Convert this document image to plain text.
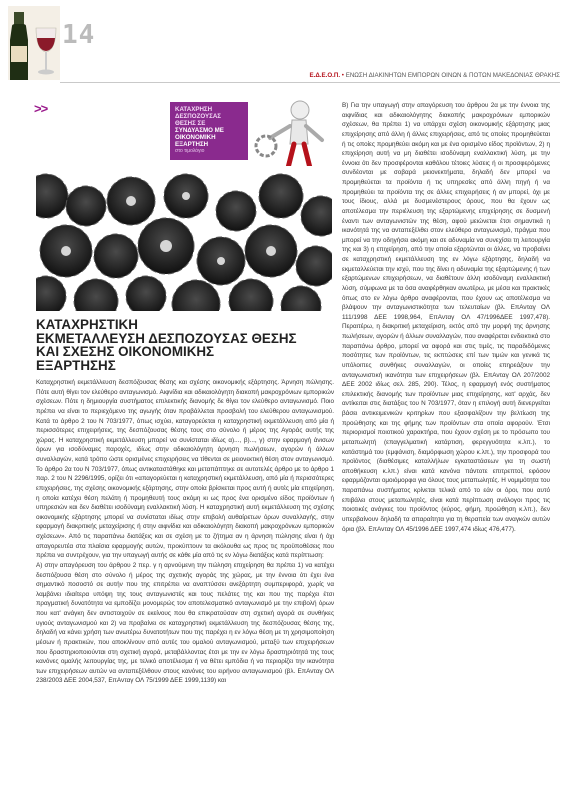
14
Ε.Δ.Ε.Ο.Π. • ΕΝΩΣΗ ΔΙΑΚΙΝΗΤΩΝ ΕΜΠΟΡΩΝ ΟΙΝΩΝ & ΠΟΤΩΝ ΜΑΚΕΔΟΝΙΑΣ ΘΡΑΚΗΣ
>>	ΚΑΤΑΧΡΗΣΗ
ΔΕΣΠΟΖΟΥΣΑΣ
ΘΕΣΗΣ ΣΕ
ΣΥΝΔΥΑΣΜΟ ΜΕ
ΟΙΚΟΝΟΜΙΚΗ
ΕΞΑΡΤΗΣΗ
στο τιμολόγιο
ΚΑΤΑΧΡΗΣΤΙΚΗ
ΕΚΜΕΤΑΛΛΕΥΣΗ ΔΕΣΠΟΖΟΥΣΑΣ ΘΕΣΗΣ
ΚΑΙ ΣΧΕΣΗΣ ΟΙΚΟΝΟΜΙΚΗΣ
ΕΞΑΡΤΗΣΗΣ

Καταχρηστική εκμετάλλευση δεσπόζουσας θέσης και σχέσης οικονομικής εξάρτησης. Άρνηση πώλησης. Πότε αυτή θίγει τον ελεύθερο ανταγωνισμό. Αιφνίδια και αδικαιολόγητη διακοπή μακροχρόνιων εμπορικών σχέσεων. Πότε η δημιουργία συστήματος επιλεκτικής διανομής δε θίγει τον ελεύθερο ανταγωνισμό. Ποιο πρέπει να είναι το περιεχόμενο της αγωγής όταν προβάλλεται προσβολή του ελεύθερου ανταγωνισμού. Κατά το άρθρο 2 του Ν 703/1977, όπως ισχύει, καταγορεύεται η καταχρηστική εκμετάλλευση από μία ή περισσότερες επιχειρήσεις, της δεσπόζουσας θέσης τους στο σύνολο ή μέρος της Αγοράς αυτής της χώρας. Η καταχρηστική εκμετάλλευση μπορεί να συνίσταται ιδίως α)..., β)..., γ) στην εφαρμογή άνισων όρων για ισοδύναμες παροχές, ιδίως στην αδικαιολόγητη άρνηση πωλήσεων, αγορών ή άλλων συναλλαγών, κατά τρόπο ώστε ορισμένες επιχειρήσεις να τίθενται σε μειονεκτική θέση στον ανταγωνισμό. Το άρθρο 2α του Ν 703/1977, όπως αντικαταστάθηκε και μεταπάπτηκε σε αυτοτελές άρθρο με το άρθρο 1 παρ. 2 του Ν 2296/1995, ορίζει ότι «απαγορεύεται η καταχρηστική εκμετάλλευση, από μία ή περισσότερες επιχειρήσεις, της σχέσης οικονομικής εξάρτησης, στην οποία βρίσκεται προς αυτή ή αυτές μία επιχείρηση, η οποία κατέχει θέση πελάτη ή προμηθευτή τους ακόμη κι ως προς ένα ορισμένο είδος προϊόντων ή υπηρεσιών και δεν διαθέτει ισοδύναμη εναλλακτική λύση. Η καταχρηστική αυτή εκμετάλλευση της σχέσης οικονομικής εξάρτησης μπορεί να συνίσταται ιδίως στην επιβολή αυθαίρετων όρων συναλλαγής, στην εφαρμογή διακριτικής μεταχείρισης ή στην αιφνίδια και αδικαιολόγητη διακοπή μακροχρόνιων εμπορικών σχέσεων». Από τις παραπάνω διατάξεις και σε σχέση με το ζήτημα αν η άρνηση πώλησης είναι ή όχι απαγορευτέα στα πλαίσια εφαρμογής αυτών, προκύπτουν τα ακόλουθα ως προς τις προϋποθέσεις που πρέπει να συντρέχουν, για την υπαγωγή αυτής σε κάθε μία από τις εν λόγω διατάξεις κατά περίπτωση:

Α) στην απαγόρευση του άρθρου 2 περ. γ η αρνούμενη την πώληση επιχείρηση θα πρέπει 1) να κατέχει δεσπόζουσα θέση στο σύνολο ή μέρος της σχετικής αγοράς της χώρας, με την έννοια ότι έχει ένα σημαντικό ποσοστό σε αυτήν που της επιτρέπει να αναπτύσσει ανεξάρτητη συμπεριφορά, χωρίς να λαμβάνει ιδιαίτερα υπόψη της τους ανταγωνιστές και τους πελάτες της και που της παρέχει έτσι πραγματική δυνατότητα να εμποδίζει μονομερώς τον αποτελεσματικό ανταγωνισμό με την επιβολή όρων που κατ' ανάγκη δεν αντιστοιχούν σε εκείνους που θα επικρατούσαν στη σχετική αγορά σε συνθήκες υγιούς ανταγωνισμού και 2) να προβαίνει σε καταχρηστική εκμετάλλευση της δεσπόζουσας θέσης της, δηλαδή να κάνει χρήση των ανωτέρω δυνατοτήτων που της παρέχει η εν λόγω θέση με τη χρησιμοποίηση μέσων ή πρακτικών, που αποκλίνουν από αυτές του ομαλού ανταγωνισμού, μεταξύ των επιχειρήσεων που δραστηριοποιούνται στη σχετική αγορά, μεταβάλλοντας έτσι με την εν λόγω δραστηριότητά της τους κανόνες ομαλής λειτουργίας της, με τελικό αποτέλεσμα ή να θέτει εμπόδια ή να περιορίζει την ικανότητα των επιχειρήσεων αυτών να ανταπεξέλθουν στους κανόνες του ειρήνου ανταγωνισμού (βλ. ΕπΑνταγ ΟΛ 238/2003 ΔΕΕ 2004,537, ΕπΑνταγ ΟΛ 75/1999 ΔΕΕ 1999,1139) και

Β) Για την υπαγωγή στην απαγόρευση του άρθρου 2α με την έννοια της αιφνίδιας και αδικαιολόγητης διακοπής μακροχρόνιων εμπορικών σχέσεων, θα πρέπει 1) να υπάρχει σχέση οικονομικής εξάρτησης μιας επιχείρησης από άλλη ή άλλες επιχειρήσεις, από τις οποίες προμηθεύεται ή τις οποίες προμηθεύει ακόμη και με ένα ορισμένο είδος προϊόντων, 2) η επιχείρηση αυτή να μη διαθέτει ισοδύναμη εναλλακτική λύση, με την έννοια ότι δεν προσφέρονται καθόλου τέτοιες λύσεις ή οι προσφερόμενες συνδέονται με σοβαρά μειονεκτήματα, δηλαδή δεν μπορεί να προμηθεύεται τα προϊόντα ή τις υπηρεσίες από άλλη πηγή ή να προμηθεύει τα προϊόντα της σε άλλες επιχειρήσεις ή αν μπορεί, όχι με τους ίδιους, αλλά με δυσμενέστερους όρους, που θα έχουν ως αποτέλεσμα την περιέλευση της εξαρτώμενης επιχείρησης σε δυσμενή έναντι των ανταγωνιστών της θέση, αφού μειώνεται έτσι σημαντικά η ικανότητά της να ανταπεξέλθει στον ελεύθερο ανταγωνισμό, πράγμα που μπορεί να την οδηγήσει ακόμη και σε αδυναμία να συνεχίσει τη λειτουργία της και 3) η επιχείρηση, από την οποία εξαρτώνται οι άλλες, να προβαίνει σε καταχρηστική εκμετάλλευση της εν λόγω εξάρτησης, δηλαδή να εκμεταλλεύεται την ισχύ, που της δίνει η αδυναμία της εξαρτώμενης ή των εξαρτώμενων επιχειρήσεων, να διαθέτουν άλλη ισοδύναμη εναλλακτική λύση, σύμφωνα με τα όσα αναφέρθηκαν ανωτέρω, με μέσα και πρακτικές όπως στο εν λόγω άρθρο αναφέρονται, που έχουν ως αποτέλεσμα να βλάψουν την ανταγωνιστικότητα των τελευταίων (βλ. ΕπΑνταγ ΟΛ 111/1998 ΔΕΕ 1998,964, ΕπΑνταγ ΟΛ 47/1996ΔΕΕ 1997,478). Περαιτέρω, η διακριτική μεταχείριση, εκτός από την μορφή της άρνησης πωλήσεων, αγορών ή άλλων συναλλαγών, που αναφέρεται ενδεικτικά στο παραπάνω άρθρο, μπορεί να αφορά και στις τιμές, τις παραδιδόμενες ποσότητες των προϊόντων, τις εκπτώσεις επί των τιμών και γενικά τις υπόλοιπες συνθήκες συναλλαγών, οι οποίες επηρεάζουν την ανταγωνιστική ικανότητα των επιχειρήσεων (βλ. ΕπΑνταγ ΟΛ 207/2002 ΔΕΕ 2002 ιδίως σελ. 285, 290). Τέλος, η εφαρμογή ενός συστήματος επιλεκτικής διανομής των προϊόντων μιας επιχείρησης, κατ' αρχάς, δεν αντίκειται στις διατάξεις του Ν 703/1977, όταν η επιλογή αυτή διενεργείται βάσει αντικειμενικών κριτηρίων που εξασφαλίζουν την βελτίωση της προώθησης και της φήμης των προϊόντων στα οποία αφορούν. Έτσι περιορισμοί ποιοτικού χαρακτήρα, που έχουν σχέση με το πρόσωπο του μεταπωλητή (επαγγελματική κατάρτιση, φερεγγυότητα κ.λπ.), το κατάστημά του (εμφάνιση, διαμόρφωση χώρου κ.λπ.), την προσφορά του προϊόντος (διαθέσιμες καταλλήλων εγκαταστάσεων για τη σωστή αποθήκευση κ.λπ.) είναι κατά κανόνα πάντοτε επιτρεπτοί, εφόσον εφαρμόζονται ομοιόμορφα για όλους τους μεταπωλητές. Η νομιμότητα του παραπάνω συστήματος κρίνεται τελικά από το εάν οι όροι, που αυτό επιβάλει στους μεταπωλητές, είναι κατά περίπτωση ανάλογοι προς τις ποιοτικές ανάγκες του προϊόντος (κύρος, φήμη, προώθηση κ.λπ.), δεν υπερβαίνουν δηλαδή τα απαραίτητα για τη θεραπεία των αναγκών αυτών όρια (βλ. ΕπΑνταγ ΟΛ 45/1996 ΔΕΕ 1997,474 ιδίως 476,477).
